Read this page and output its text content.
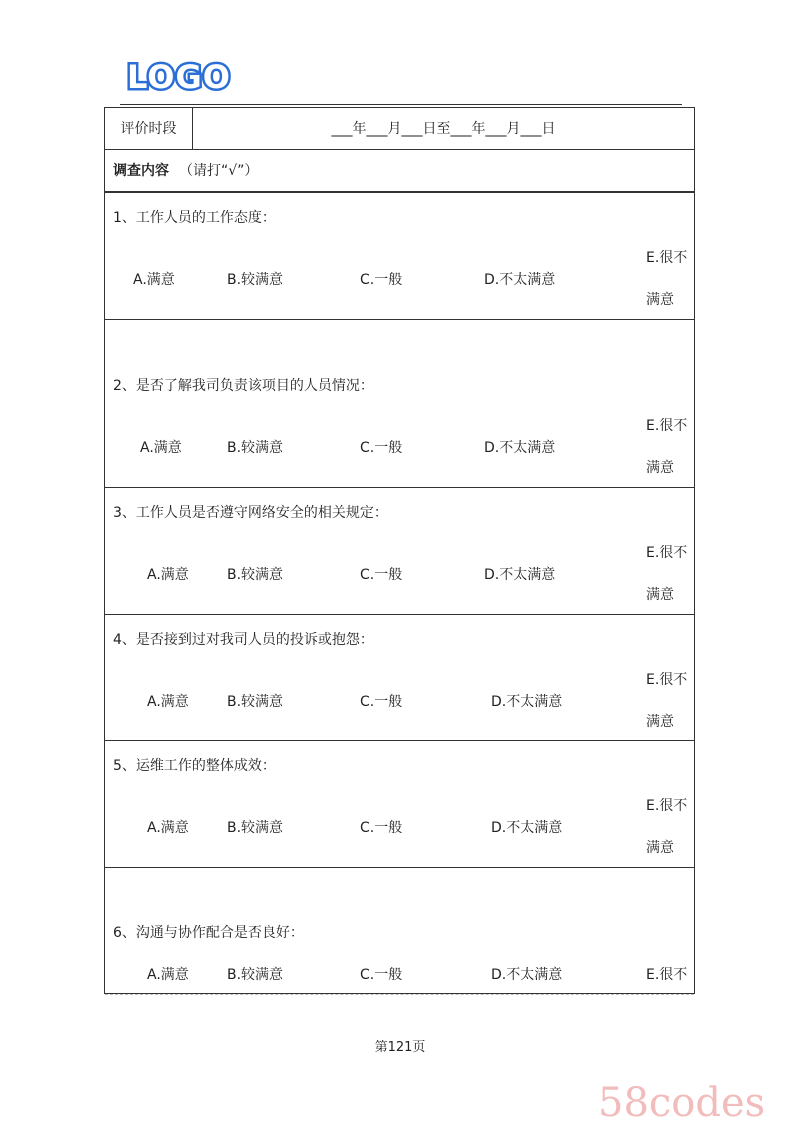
LOGO
评价时段	___年___月___日至___年___月___日
调查内容 （请打“√”）
1、工作人员的工作态度：
A.满意	B.较满意	C.一般	D.不太满意
E.很不
满意
2、是否了解我司负责该项目的人员情况：
A.满意	B.较满意	C.一般	D.不太满意
E.很不
满意
3、工作人员是否遵守网络安全的相关规定：
A.满意	B.较满意	C.一般	D.不太满意
E.很不
满意
4、是否接到过对我司人员的投诉或抱怨：
A.满意	B.较满意	C.一般	D.不太满意
E.很不
满意
5、运维工作的整体成效：
A.满意	B.较满意	C.一般	D.不太满意
E.很不
满意
6、沟通与协作配合是否良好：
A.满意	B.较满意	C.一般	D.不太满意	E.很不
第121页
58codes
